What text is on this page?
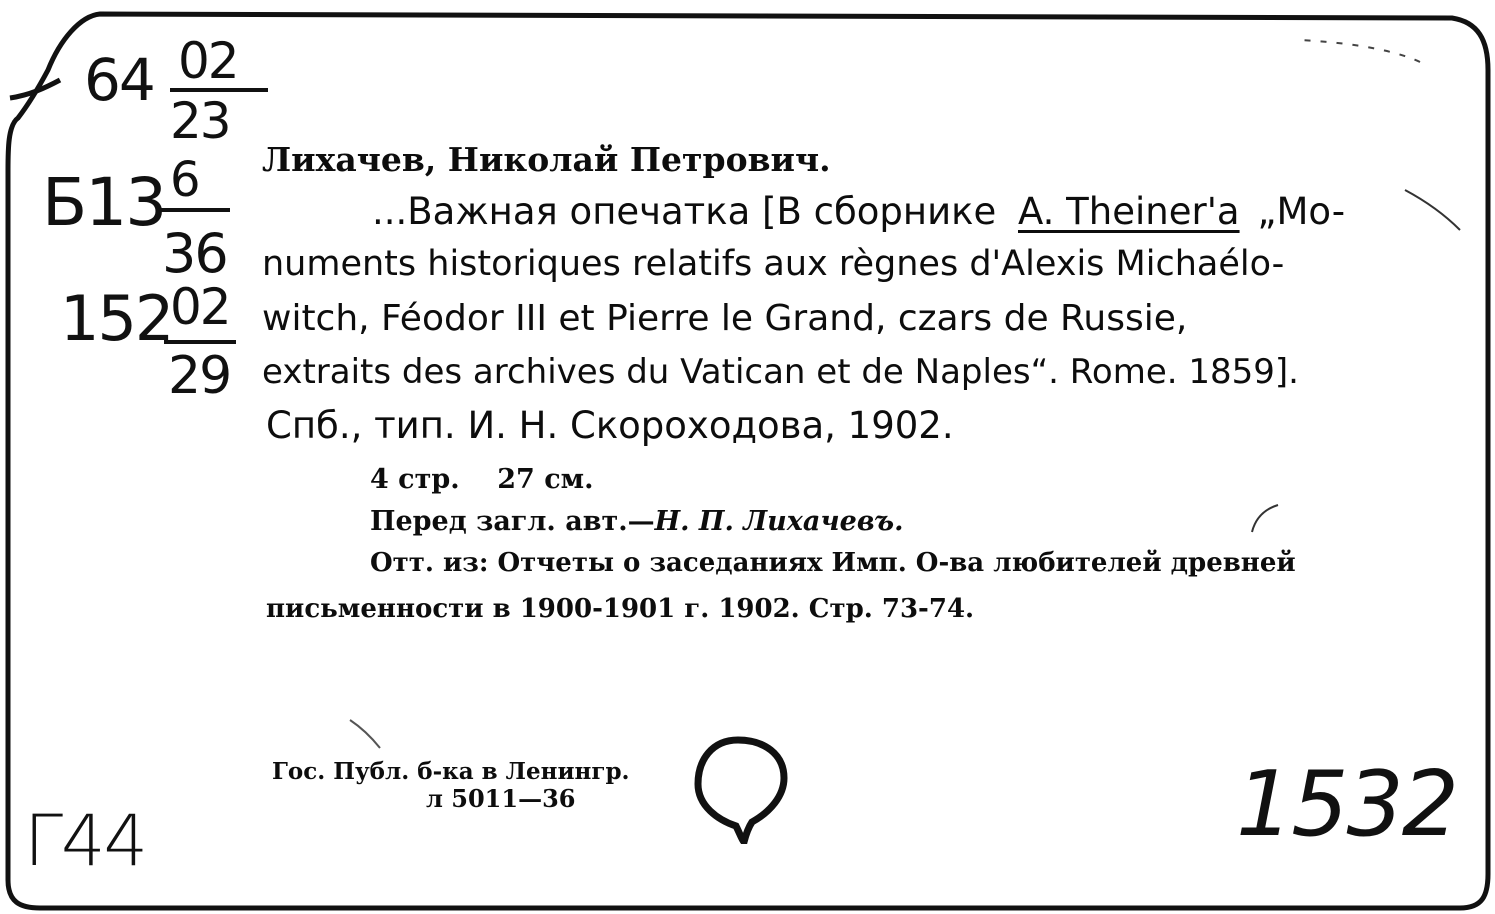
64 02
23
Б13 6
36
152
02
29
Лихачев, Николай Петрович.
...Важная опечатка [В сборнике A. Theiner'a „Mo-
numents historiques relatifs aux règnes d'Alexis Michaélo-
witch, Féodor III et Pierre le Grand, czars de Russie,
extraits des archives du Vatican et de Naples“. Rome. 1859].
Спб., тип. И. Н. Скороходова, 1902.
4 стр.    27 см.
Перед загл. авт.—Н. П. Лихачевъ.
Отт. из: Отчеты о заседаниях Имп. О-ва любителей древней
письменности в 1900-1901 г. 1902. Стр. 73-74.
Гос. Публ. б-ка в Ленингр.
л 5011—36
Г44	1532
